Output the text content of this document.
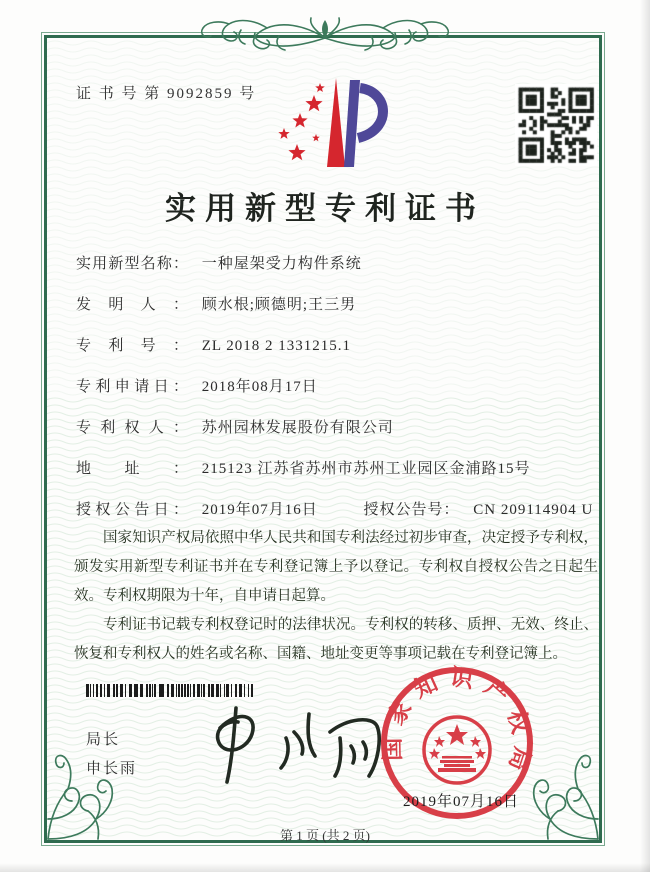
证 书 号 第 9092859 号
实用新型专利证书
实用新型名称： 一种屋架受力构件系统
发明人： 顾水根;顾德明;王三男
专利号： ZL 2018 2 1331215.1
专利申请日： 2018年08月17日
专利权人： 苏州园林发展股份有限公司
地址： 215123 江苏省苏州市苏州工业园区金浦路15号
授权公告日： 2019年07月16日	授权公告号： CN 209114904 U

国家知识产权局依照中华人民共和国专利法经过初步审查，决定授予专利权，颁发实用新型专利证书并在专利登记簿上予以登记。专利权自授权公告之日起生效。专利权期限为十年，自申请日起算。

专利证书记载专利权登记时的法律状况。专利权的转移、质押、无效、终止、恢复和专利权人的姓名或名称、国籍、地址变更等事项记载在专利登记簿上。

局长
申长雨
国家知识产权局
2019年07月16日
第 1 页 (共 2 页)
